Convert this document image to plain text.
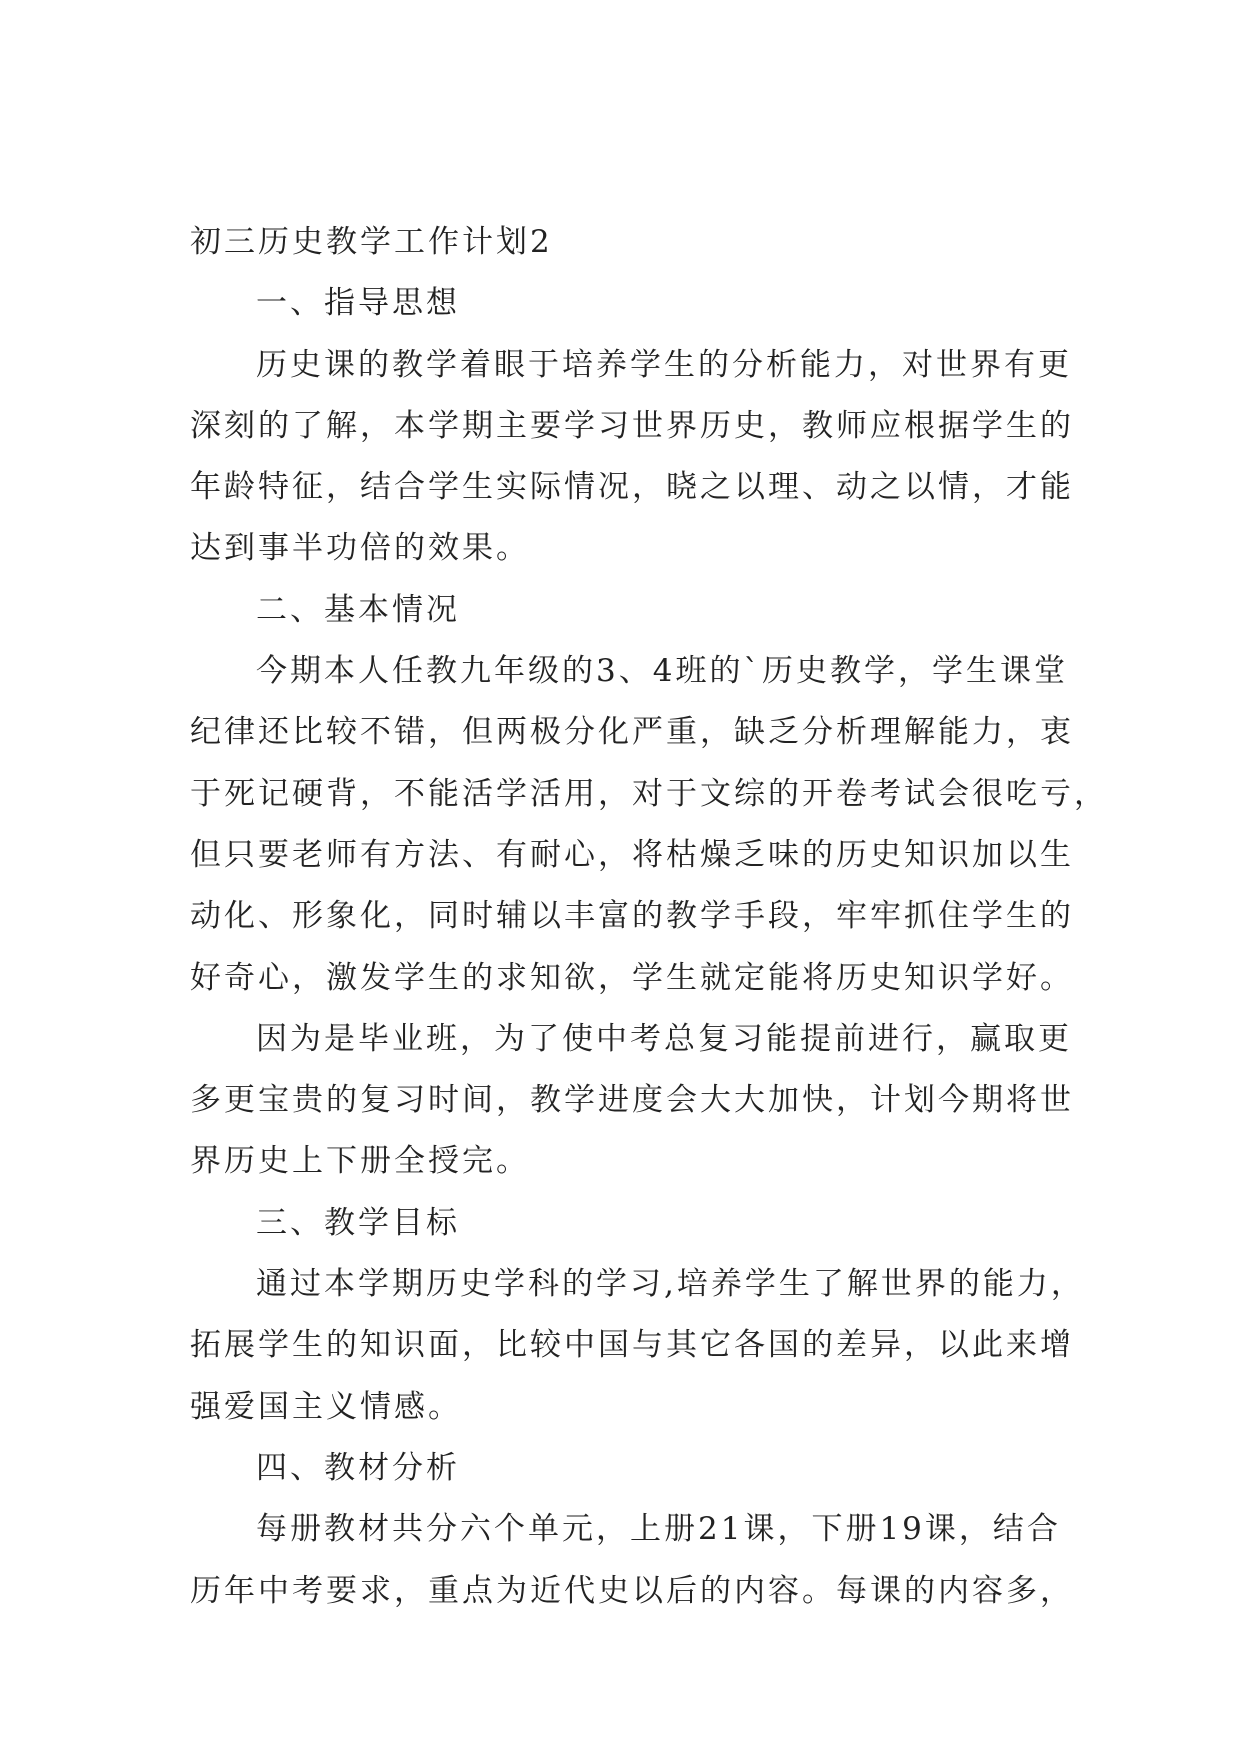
初三历史教学工作计划2
一、指导思想
历史课的教学着眼于培养学生的分析能力，对世界有更
深刻的了解，本学期主要学习世界历史，教师应根据学生的
年龄特征，结合学生实际情况，晓之以理、动之以情，才能
达到事半功倍的效果。
二、基本情况
今期本人任教九年级的3、4班的`历史教学，学生课堂
纪律还比较不错，但两极分化严重，缺乏分析理解能力，衷
于死记硬背，不能活学活用，对于文综的开卷考试会很吃亏，
但只要老师有方法、有耐心，将枯燥乏味的历史知识加以生
动化、形象化，同时辅以丰富的教学手段，牢牢抓住学生的
好奇心，激发学生的求知欲，学生就定能将历史知识学好。
因为是毕业班，为了使中考总复习能提前进行，赢取更
多更宝贵的复习时间，教学进度会大大加快，计划今期将世
界历史上下册全授完。
三、教学目标
通过本学期历史学科的学习,培养学生了解世界的能力，
拓展学生的知识面，比较中国与其它各国的差异，以此来增
强爱国主义情感。
四、教材分析
每册教材共分六个单元，上册21课，下册19课，结合
历年中考要求，重点为近代史以后的内容。每课的内容多，
